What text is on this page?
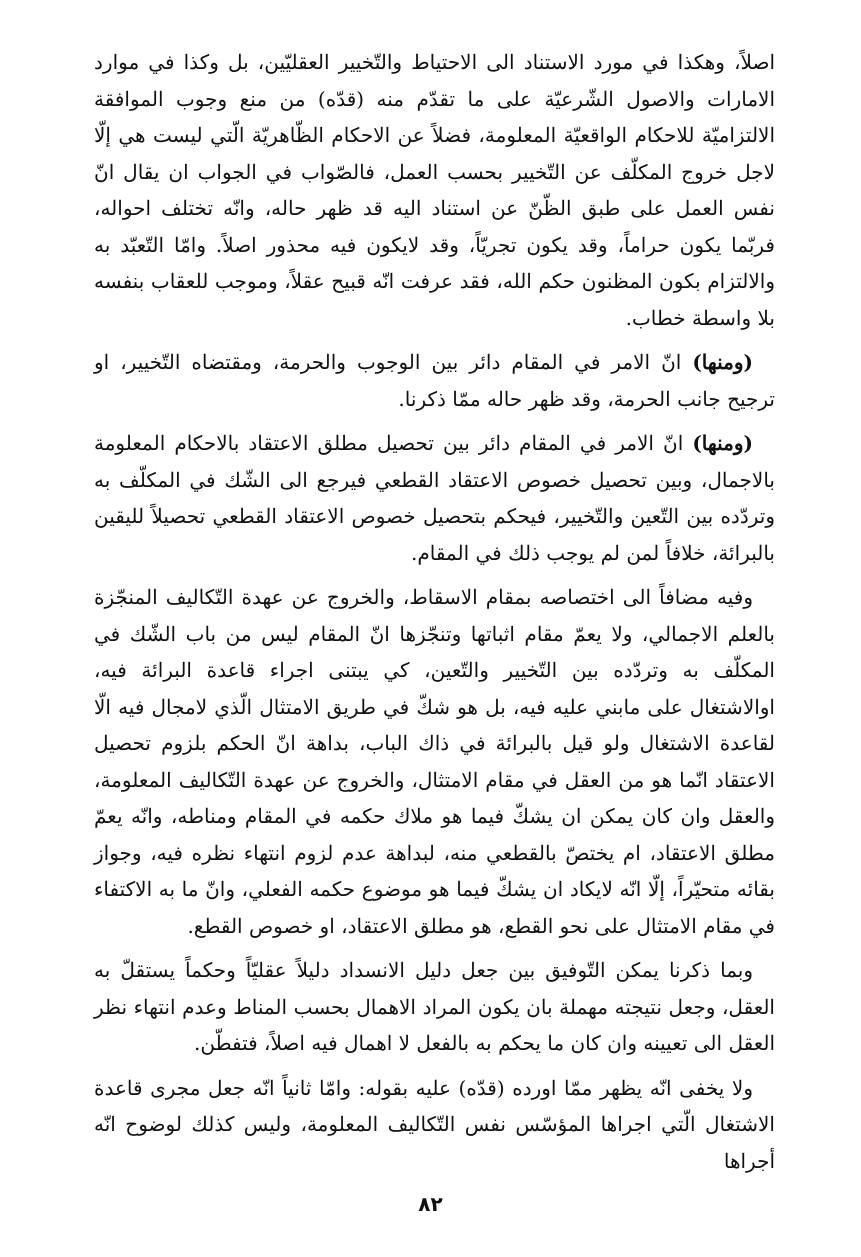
اصلاً، وهكذا في مورد الاستناد الى الاحتياط والتّخيير العقليّين، بل وكذا في موارد الامارات والاصول الشّرعيّة على ما تقدّم منه (قدّه) من منع وجوب الموافقة الالتزاميّة للاحكام الواقعيّة المعلومة، فضلاً عن الاحكام الظّاهريّة الّتي ليست هي إلّا لاجل خروج المكلّف عن التّخيير بحسب العمل، فالصّواب في الجواب ان يقال انّ نفس العمل على طبق الظّنّ عن استناد اليه قد ظهر حاله، وانّه تختلف احواله، فربّما يكون حراماً، وقد يكون تجريّاً، وقد لايكون فيه محذور اصلاً. وامّا التّعبّد به والالتزام بكون المظنون حكم الله، فقد عرفت انّه قبيح عقلاً، وموجب للعقاب بنفسه بلا واسطة خطاب.

(ومنها) انّ الامر في المقام دائر بين الوجوب والحرمة، ومقتضاه التّخيير، او ترجيح جانب الحرمة، وقد ظهر حاله ممّا ذكرنا.

(ومنها) انّ الامر في المقام دائر بين تحصيل مطلق الاعتقاد بالاحكام المعلومة بالاجمال، وبين تحصيل خصوص الاعتقاد القطعي فيرجع الى الشّك في المكلّف به وتردّده بين التّعين والتّخيير، فيحكم بتحصيل خصوص الاعتقاد القطعي تحصيلاً لليقين بالبرائة، خلافاً لمن لم يوجب ذلك في المقام.

وفيه مضافاً الى اختصاصه بمقام الاسقاط، والخروج عن عهدة التّكاليف المنجّزة بالعلم الاجمالي، ولا يعمّ مقام اثباتها وتنجّزها انّ المقام ليس من باب الشّك في المكلّف به وتردّده بين التّخيير والتّعين، كي يبتنى اجراء قاعدة البرائة فيه، اوالاشتغال على مابني عليه فيه، بل هو شكّ في طريق الامتثال الّذي لامجال فيه الّا لقاعدة الاشتغال ولو قيل بالبرائة في ذاك الباب، بداهة انّ الحكم بلزوم تحصيل الاعتقاد انّما هو من العقل في مقام الامتثال، والخروج عن عهدة التّكاليف المعلومة، والعقل وان كان يمكن ان يشكّ فيما هو ملاك حكمه في المقام ومناطه، وانّه يعمّ مطلق الاعتقاد، ام يختصّ بالقطعي منه، لبداهة عدم لزوم انتهاء نظره فيه، وجواز بقائه متحيّراً، إلّا انّه لايكاد ان يشكّ فيما هو موضوع حكمه الفعلي، وانّ ما به الاكتفاء في مقام الامتثال على نحو القطع، هو مطلق الاعتقاد، او خصوص القطع.

وبما ذكرنا يمكن التّوفيق بين جعل دليل الانسداد دليلاً عقليّاً وحكماً يستقلّ به العقل، وجعل نتيجته مهملة بان يكون المراد الاهمال بحسب المناط وعدم انتهاء نظر العقل الى تعيينه وان كان ما يحكم به بالفعل لا اهمال فيه اصلاً، فتفطّن.

ولا يخفى انّه يظهر ممّا اورده (قدّه) عليه بقوله: وامّا ثانياً انّه جعل مجرى قاعدة الاشتغال الّتي اجراها المؤسّس نفس التّكاليف المعلومة، وليس كذلك لوضوح انّه أجراها

٨٢
